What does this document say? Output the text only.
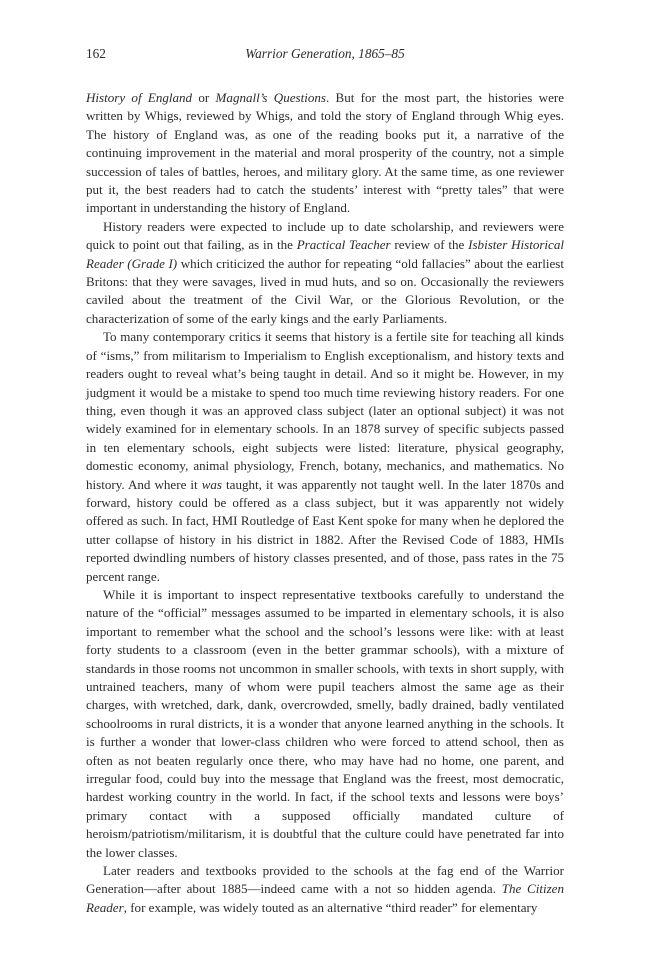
162	Warrior Generation, 1865–85

History of England or Magnall’s Questions. But for the most part, the histories were written by Whigs, reviewed by Whigs, and told the story of England through Whig eyes. The history of England was, as one of the reading books put it, a narrative of the continuing improvement in the material and moral prosperity of the country, not a simple succession of tales of battles, heroes, and military glory. At the same time, as one reviewer put it, the best readers had to catch the students’ interest with “pretty tales” that were important in understanding the history of England.

History readers were expected to include up to date scholarship, and reviewers were quick to point out that failing, as in the Practical Teacher review of the Isbister Historical Reader (Grade I) which criticized the author for repeating “old fallacies” about the earliest Britons: that they were savages, lived in mud huts, and so on. Occasionally the reviewers caviled about the treatment of the Civil War, or the Glorious Revolution, or the characterization of some of the early kings and the early Parliaments.

To many contemporary critics it seems that history is a fertile site for teaching all kinds of “isms,” from militarism to Imperialism to English exceptionalism, and history texts and readers ought to reveal what’s being taught in detail. And so it might be. However, in my judgment it would be a mistake to spend too much time reviewing history readers. For one thing, even though it was an approved class subject (later an optional subject) it was not widely examined for in elementary schools. In an 1878 survey of specific subjects passed in ten elementary schools, eight subjects were listed: literature, physical geography, domestic economy, animal physiology, French, botany, mechanics, and mathematics. No history. And where it was taught, it was apparently not taught well. In the later 1870s and forward, history could be offered as a class subject, but it was apparently not widely offered as such. In fact, HMI Routledge of East Kent spoke for many when he deplored the utter collapse of history in his district in 1882. After the Revised Code of 1883, HMIs reported dwindling numbers of history classes presented, and of those, pass rates in the 75 percent range.

While it is important to inspect representative textbooks carefully to understand the nature of the “official” messages assumed to be imparted in elementary schools, it is also important to remember what the school and the school’s lessons were like: with at least forty students to a classroom (even in the better grammar schools), with a mixture of standards in those rooms not uncommon in smaller schools, with texts in short supply, with untrained teachers, many of whom were pupil teachers almost the same age as their charges, with wretched, dark, dank, overcrowded, smelly, badly drained, badly ventilated schoolrooms in rural districts, it is a wonder that anyone learned anything in the schools. It is further a wonder that lower-class children who were forced to attend school, then as often as not beaten regularly once there, who may have had no home, one parent, and irregular food, could buy into the message that England was the freest, most democratic, hardest working country in the world. In fact, if the school texts and lessons were boys’ primary contact with a supposed officially mandated culture of heroism/patriotism/militarism, it is doubtful that the culture could have penetrated far into the lower classes.

Later readers and textbooks provided to the schools at the fag end of the Warrior Generation—after about 1885—indeed came with a not so hidden agenda. The Citizen Reader, for example, was widely touted as an alternative “third reader” for elementary
